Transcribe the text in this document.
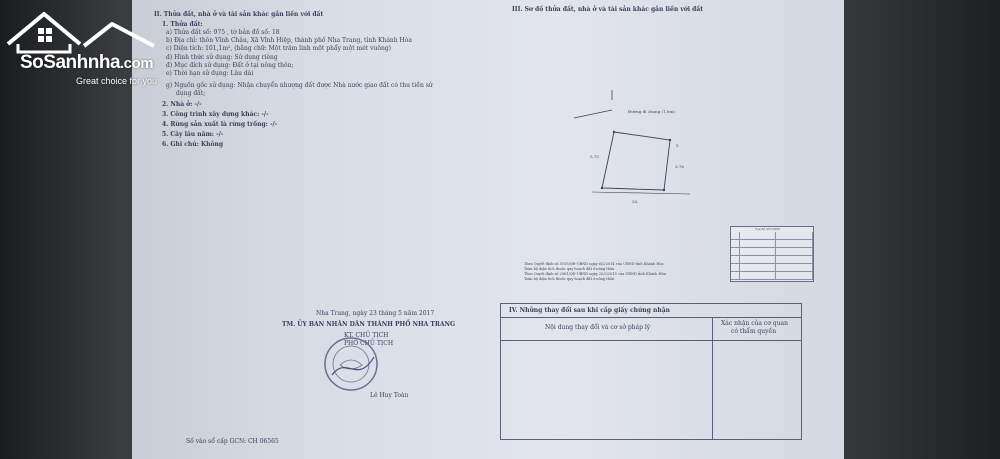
II. Thửa đất, nhà ở và tài sản khác gắn liền với đất
1. Thửa đất:
a) Thửa đất số: 975 , tờ bản đồ số: 18
b) Địa chỉ: thôn Vĩnh Châu, Xã Vĩnh Hiệp, thành phố Nha Trang, tỉnh Khánh Hòa
c) Diện tích: 101,1m², (bằng chữ: Một trăm linh một phẩy một mét vuông)
d) Hình thức sử dụng: Sử dụng riêng
đ) Mục đích sử dụng: Đất ở tại nông thôn;
e) Thời hạn sử dụng: Lâu dài
g) Nguồn gốc sử dụng: Nhận chuyển nhượng đất được Nhà nước giao đất có thu tiền sử
dụng đất;
2. Nhà ở: -/-
3. Công trình xây dựng khác: -/-
4. Rừng sản xuất là rừng trồng: -/-
5. Cây lâu năm: -/-
6. Ghi chú: Không
Nha Trang, ngày 23 tháng 5 năm 2017
TM. ỦY BAN NHÂN DÂN THÀNH PHỐ NHA TRANG
KT. CHỦ TỊCH
PHÓ CHỦ TỊCH
Lê Huy Toàn
Số vào sổ cấp GCN: CH 06565
III. Sơ đồ thửa đất, nhà ở và tài sản khác gắn liền với đất
Đường đi chung (1,8m)
5,75
3,76
20,
5
Theo Quyết định số 5105/QĐ-UBND ngày 6/2/2014 của UBND tỉnh Khánh Hòa
Toàn bộ diện tích thuộc quy hoạch đất ở nông thôn
Theo Quyết định số 2061/QĐ-UBND ngày 20/2/2015 của UBND tỉnh Khánh Hòa
Toàn bộ diện tích thuộc quy hoạch đất ở nông thôn
Tọa độ VN-2000
IV. Những thay đổi sau khi cấp giấy chứng nhận
Nội dung thay đổi và cơ sở pháp lý
Xác nhận của cơ quan
có thẩm quyền
SoSanhnha.com
Great choice for you
